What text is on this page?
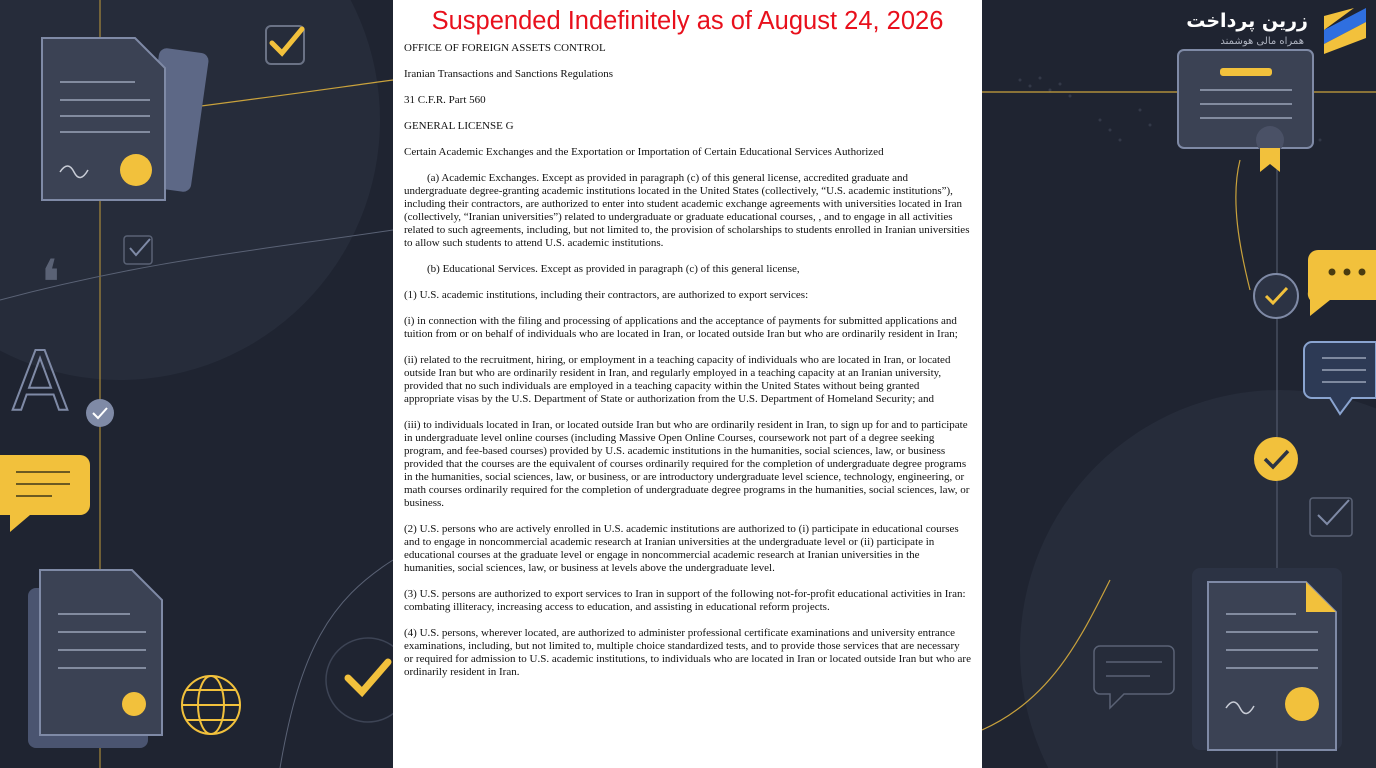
❛
A
زرین پرداخت
همراه مالی هوشمند
Suspended Indefinitely as of August 24, 2026

OFFICE OF FOREIGN ASSETS CONTROL

Iranian Transactions and Sanctions Regulations

31 C.F.R. Part 560

GENERAL LICENSE G

Certain Academic Exchanges and the Exportation or Importation of Certain Educational Services Authorized

(a) Academic Exchanges. Except as provided in paragraph (c) of this general license, accredited graduate and undergraduate degree-granting academic institutions located in the United States (collectively, “U.S. academic institutions”), including their contractors, are authorized to enter into student academic exchange agreements with universities located in Iran (collectively, “Iranian universities”) related to undergraduate or graduate educational courses, , and to engage in all activities related to such agreements, including, but not limited to, the provision of scholarships to students enrolled in Iranian universities to allow such students to attend U.S. academic institutions.

(b) Educational Services. Except as provided in paragraph (c) of this general license,

(1) U.S. academic institutions, including their contractors, are authorized to export services:

(i) in connection with the filing and processing of applications and the acceptance of payments for submitted applications and tuition from or on behalf of individuals who are located in Iran, or located outside Iran but who are ordinarily resident in Iran;

(ii) related to the recruitment, hiring, or employment in a teaching capacity of individuals who are located in Iran, or located outside Iran but who are ordinarily resident in Iran, and regularly employed in a teaching capacity at an Iranian university, provided that no such individuals are employed in a teaching capacity within the United States without being granted appropriate visas by the U.S. Department of State or authorization from the U.S. Department of Homeland Security; and

(iii) to individuals located in Iran, or located outside Iran but who are ordinarily resident in Iran, to sign up for and to participate in undergraduate level online courses (including Massive Open Online Courses, coursework not part of a degree seeking program, and fee-based courses) provided by U.S. academic institutions in the humanities, social sciences, law, or business provided that the courses are the equivalent of courses ordinarily required for the completion of undergraduate degree programs in the humanities, social sciences, law, or business, or are introductory undergraduate level science, technology, engineering, or math courses ordinarily required for the completion of undergraduate degree programs in the humanities, social sciences, law, or business.

(2) U.S. persons who are actively enrolled in U.S. academic institutions are authorized to (i) participate in educational courses and to engage in noncommercial academic research at Iranian universities at the undergraduate level or (ii) participate in educational courses at the graduate level or engage in noncommercial academic research at Iranian universities in the humanities, social sciences, law, or business at levels above the undergraduate level.

(3) U.S. persons are authorized to export services to Iran in support of the following not-for-profit educational activities in Iran: combating illiteracy, increasing access to education, and assisting in educational reform projects.

(4) U.S. persons, wherever located, are authorized to administer professional certificate examinations and university entrance examinations, including, but not limited to, multiple choice standardized tests, and to provide those services that are necessary or required for admission to U.S. academic institutions, to individuals who are located in Iran or located outside Iran but who are ordinarily resident in Iran.
